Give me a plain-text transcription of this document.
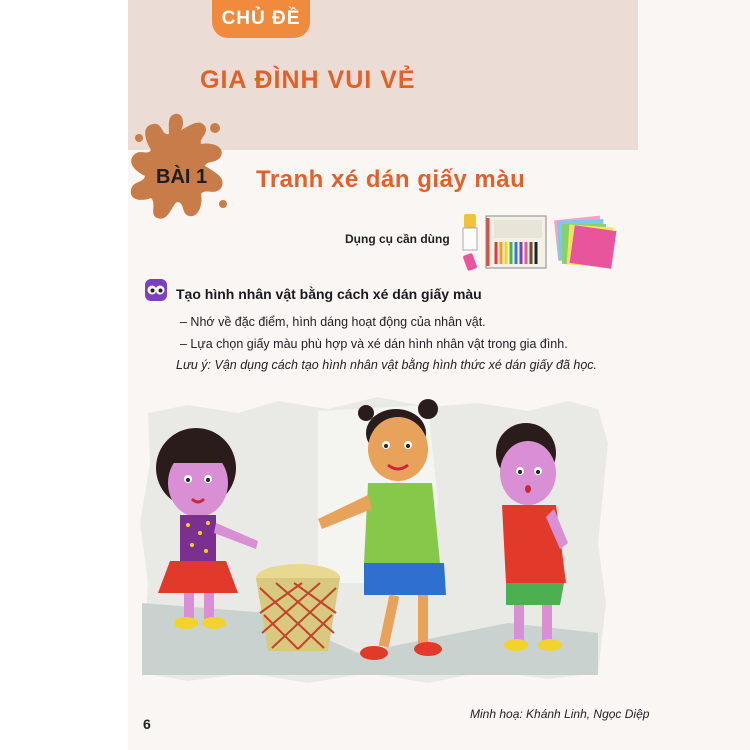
CHỦ ĐỀ
GIA ĐÌNH VUI VẺ
BÀI 1 Tranh xé dán giấy màu
Dụng cụ cần dùng
Tạo hình nhân vật bằng cách xé dán giấy màu
– Nhớ về đặc điểm, hình dáng hoạt động của nhân vật.
– Lựa chọn giấy màu phù hợp và xé dán hình nhân vật trong gia đình.
Lưu ý: Vận dụng cách tạo hình nhân vật bằng hình thức xé dán giấy đã học.
6
Minh hoạ: Khánh Linh, Ngọc Diệp
